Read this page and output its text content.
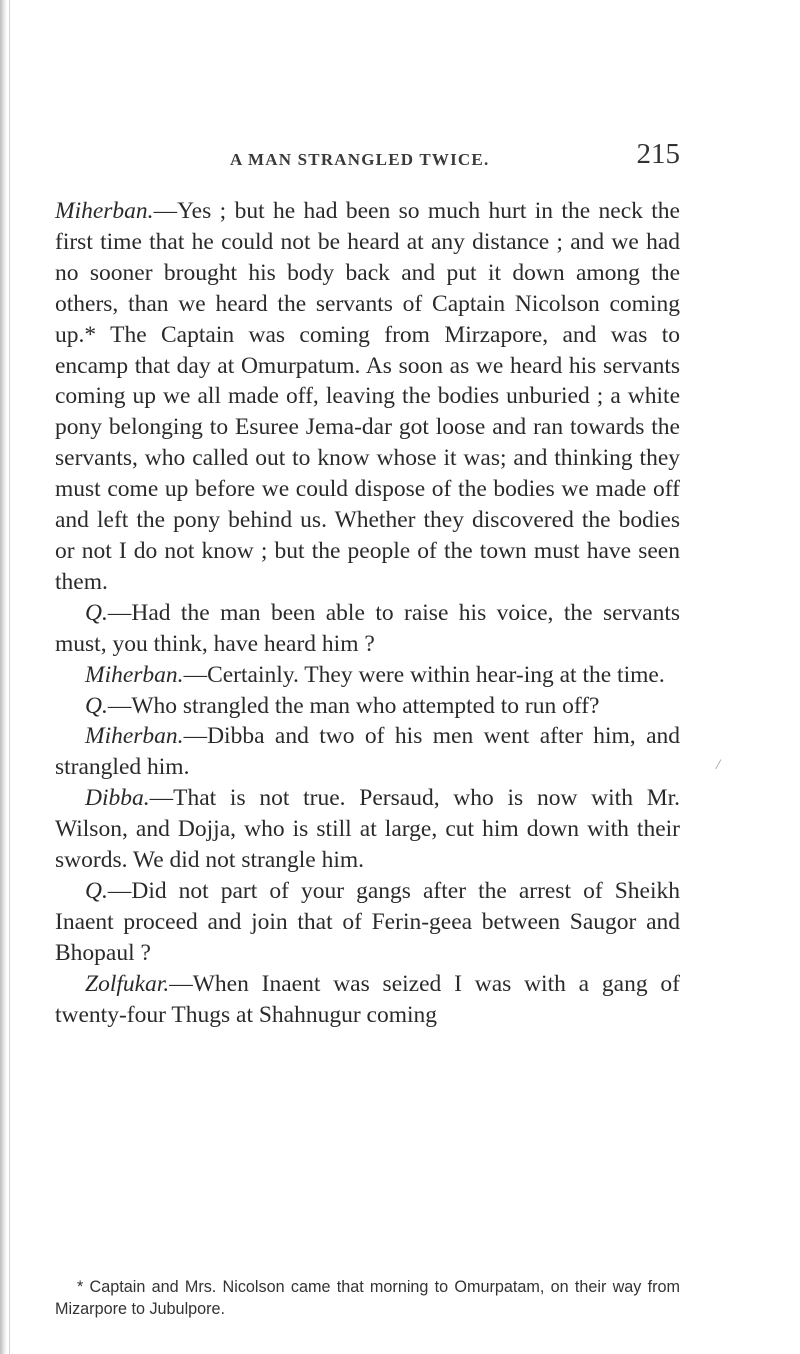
A MAN STRANGLED TWICE.	215

Miherban.—Yes ; but he had been so much hurt in the neck the first time that he could not be heard at any distance ; and we had no sooner brought his body back and put it down among the others, than we heard the servants of Captain Nicolson coming up.* The Captain was coming from Mirzapore, and was to encamp that day at Omurpatum. As soon as we heard his servants coming up we all made off, leaving the bodies unburied ; a white pony belonging to Esuree Jema-dar got loose and ran towards the servants, who called out to know whose it was; and thinking they must come up before we could dispose of the bodies we made off and left the pony behind us. Whether they discovered the bodies or not I do not know ; but the people of the town must have seen them.

Q.—Had the man been able to raise his voice, the servants must, you think, have heard him ?

Miherban.—Certainly. They were within hear-ing at the time.

Q.—Who strangled the man who attempted to run off?

Miherban.—Dibba and two of his men went after him, and strangled him.

Dibba.—That is not true. Persaud, who is now with Mr. Wilson, and Dojja, who is still at large, cut him down with their swords. We did not strangle him.

Q.—Did not part of your gangs after the arrest of Sheikh Inaent proceed and join that of Ferin-geea between Saugor and Bhopaul ?

Zolfukar.—When Inaent was seized I was with a gang of twenty-four Thugs at Shahnugur coming

/
* Captain and Mrs. Nicolson came that morning to Omurpatam, on their way from Mizarpore to Jubulpore.
